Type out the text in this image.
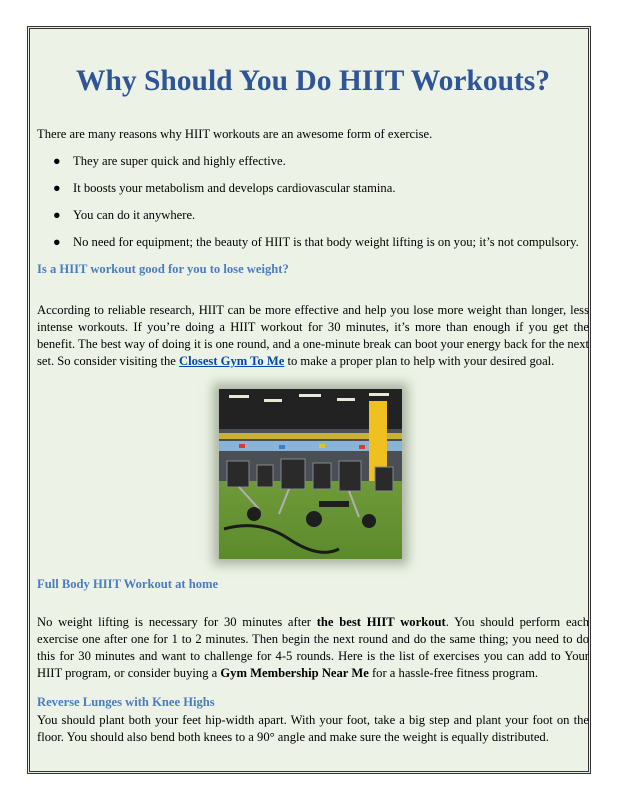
Why Should You Do HIIT Workouts?
There are many reasons why HIIT workouts are an awesome form of exercise.
● They are super quick and highly effective.
● It boosts your metabolism and develops cardiovascular stamina.
● You can do it anywhere.
● No need for equipment; the beauty of HIIT is that body weight lifting is on you; it’s not compulsory.
Is a HIIT workout good for you to lose weight?
According to reliable research, HIIT can be more effective and help you lose more weight than longer, less intense workouts. If you’re doing a HIIT workout for 30 minutes, it’s more than enough if you get the benefit. The best way of doing it is one round, and a one-minute break can boot your energy back for the next set. So consider visiting the Closest Gym To Me to make a proper plan to help with your desired goal.
Full Body HIIT Workout at home
No weight lifting is necessary for 30 minutes after the best HIIT workout. You should perform each exercise one after one for 1 to 2 minutes. Then begin the next round and do the same thing; you need to do this for 30 minutes and want to challenge for 4-5 rounds. Here is the list of exercises you can add to Your HIIT program, or consider buying a Gym Membership Near Me for a hassle-free fitness program.
Reverse Lunges with Knee Highs
You should plant both your feet hip-width apart. With your foot, take a big step and plant your foot on the floor. You should also bend both knees to a 90° angle and make sure the weight is equally distributed.
